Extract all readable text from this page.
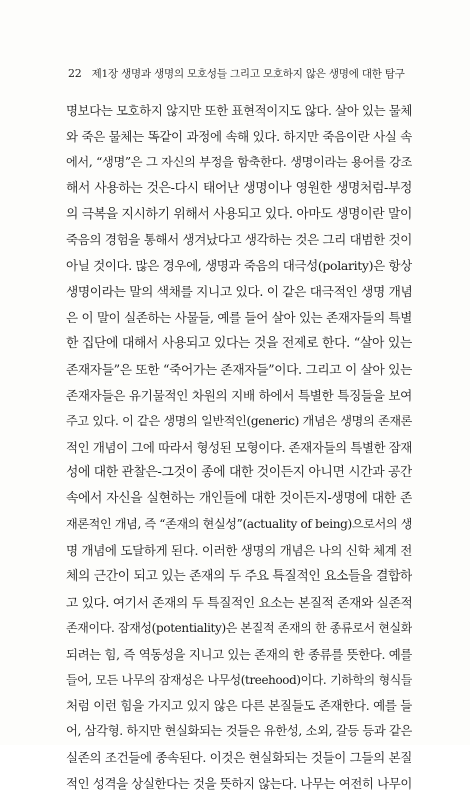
22 제1장 생명과 생명의 모호성들 그리고 모호하지 않은 생명에 대한 탐구
명보다는 모호하지 않지만 또한 표현적이지도 않다. 살아 있는 물체
와 죽은 물체는 똑같이 과정에 속해 있다. 하지만 죽음이란 사실 속
에서, “생명”은 그 자신의 부정을 함축한다. 생명이라는 용어를 강조
해서 사용하는 것은-다시 태어난 생명이나 영원한 생명처럼-부정
의 극복을 지시하기 위해서 사용되고 있다. 아마도 생명이란 말이
죽음의 경험을 통해서 생겨났다고 생각하는 것은 그리 대범한 것이
아닐 것이다. 많은 경우에, 생명과 죽음의 대극성(polarity)은 항상
생명이라는 말의 색채를 지니고 있다. 이 같은 대극적인 생명 개념
은 이 말이 실존하는 사물들, 예를 들어 살아 있는 존재자들의 특별
한 집단에 대해서 사용되고 있다는 것을 전제로 한다. “살아 있는
존재자들”은 또한 “죽어가는 존재자들”이다. 그리고 이 살아 있는
존재자들은 유기물적인 차원의 지배 하에서 특별한 특징들을 보여
주고 있다. 이 같은 생명의 일반적인(generic) 개념은 생명의 존재론
적인 개념이 그에 따라서 형성된 모형이다. 존재자들의 특별한 잠재
성에 대한 관찰은-그것이 종에 대한 것이든지 아니면 시간과 공간
속에서 자신을 실현하는 개인들에 대한 것이든지-생명에 대한 존
재론적인 개념, 즉 “존재의 현실성”(actuality of being)으로서의 생
명 개념에 도달하게 된다. 이러한 생명의 개념은 나의 신학 체계 전
체의 근간이 되고 있는 존재의 두 주요 특질적인 요소들을 결합하
고 있다. 여기서 존재의 두 특질적인 요소는 본질적 존재와 실존적
존재이다. 잠재성(potentiality)은 본질적 존재의 한 종류로서 현실화
되려는 힘, 즉 역동성을 지니고 있는 존재의 한 종류를 뜻한다. 예를
들어, 모든 나무의 잠재성은 나무성(treehood)이다. 기하학의 형식들
처럼 이런 힘을 가지고 있지 않은 다른 본질들도 존재한다. 예를 들
어, 삼각형. 하지만 현실화되는 것들은 유한성, 소외, 갈등 등과 같은
실존의 조건들에 종속된다. 이것은 현실화되는 것들이 그들의 본질
적인 성격을 상실한다는 것을 뜻하지 않는다. 나무는 여전히 나무이
